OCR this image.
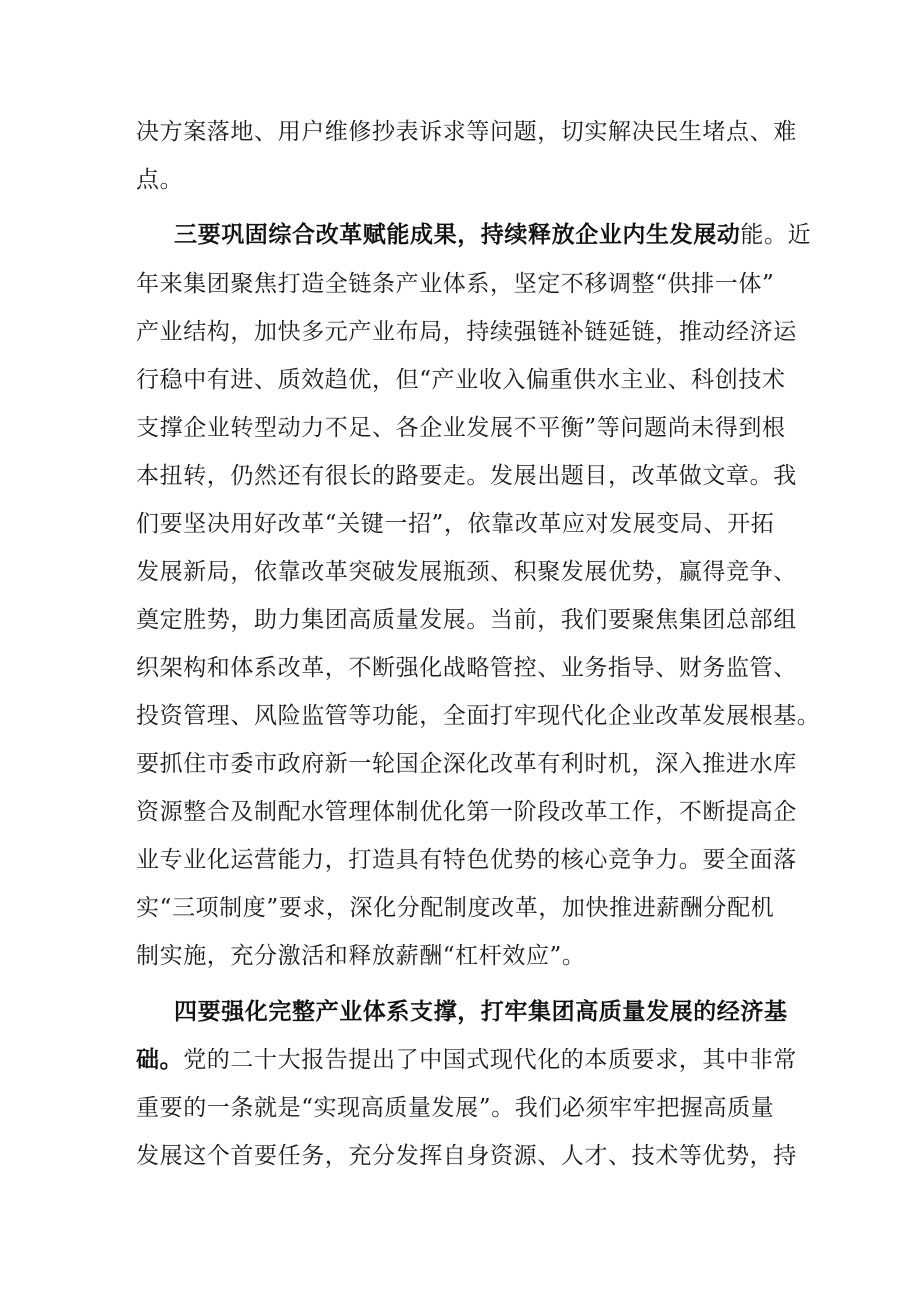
决方案落地、用户维修抄表诉求等问题，切实解决民生堵点、难
点。
三要巩固综合改革赋能成果，持续释放企业内生发展动能。近
年来集团聚焦打造全链条产业体系，坚定不移调整“供排一体”
产业结构，加快多元产业布局，持续强链补链延链，推动经济运
行稳中有进、质效趋优，但“产业收入偏重供水主业、科创技术
支撑企业转型动力不足、各企业发展不平衡”等问题尚未得到根
本扭转，仍然还有很长的路要走。发展出题目，改革做文章。我
们要坚决用好改革“关键一招”，依靠改革应对发展变局、开拓
发展新局，依靠改革突破发展瓶颈、积聚发展优势，赢得竞争、
奠定胜势，助力集团高质量发展。当前，我们要聚焦集团总部组
织架构和体系改革，不断强化战略管控、业务指导、财务监管、
投资管理、风险监管等功能，全面打牢现代化企业改革发展根基。
要抓住市委市政府新一轮国企深化改革有利时机，深入推进水库
资源整合及制配水管理体制优化第一阶段改革工作，不断提高企
业专业化运营能力，打造具有特色优势的核心竞争力。要全面落
实“三项制度”要求，深化分配制度改革，加快推进薪酬分配机
制实施，充分激活和释放薪酬“杠杆效应”。
四要强化完整产业体系支撑，打牢集团高质量发展的经济基
础。党的二十大报告提出了中国式现代化的本质要求，其中非常
重要的一条就是“实现高质量发展”。我们必须牢牢把握高质量
发展这个首要任务，充分发挥自身资源、人才、技术等优势，持
